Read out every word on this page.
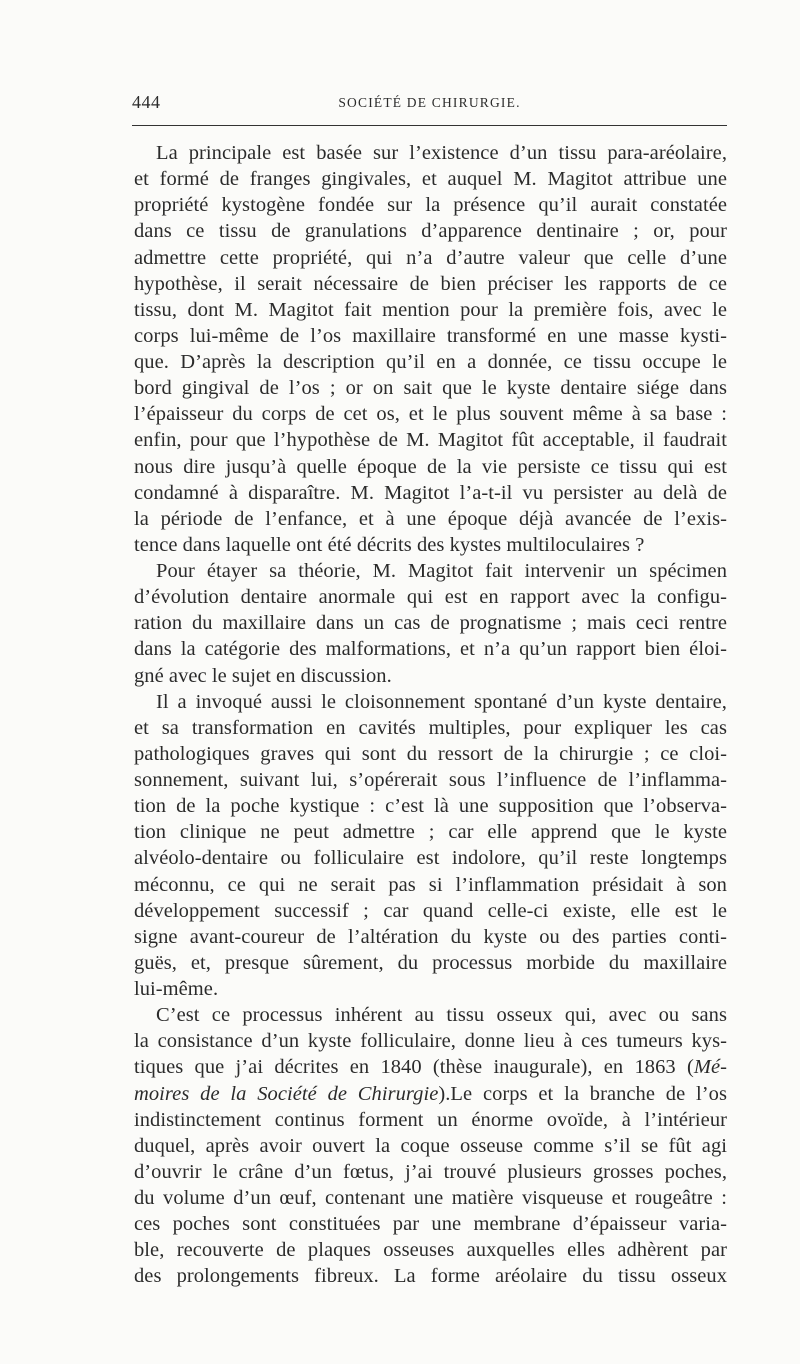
444	SOCIÉTÉ DE CHIRURGIE.
La principale est basée sur l’existence d’un tissu para-aréolaire,
et formé de franges gingivales, et auquel M. Magitot attribue une
propriété kystogène fondée sur la présence qu’il aurait constatée
dans ce tissu de granulations d’apparence dentinaire ; or, pour
admettre cette propriété, qui n’a d’autre valeur que celle d’une
hypothèse, il serait nécessaire de bien préciser les rapports de ce
tissu, dont M. Magitot fait mention pour la première fois, avec le
corps lui-même de l’os maxillaire transformé en une masse kysti-
que. D’après la description qu’il en a donnée, ce tissu occupe le
bord gingival de l’os ; or on sait que le kyste dentaire siége dans
l’épaisseur du corps de cet os, et le plus souvent même à sa base :
enfin, pour que l’hypothèse de M. Magitot fût acceptable, il faudrait
nous dire jusqu’à quelle époque de la vie persiste ce tissu qui est
condamné à disparaître. M. Magitot l’a-t-il vu persister au delà de
la période de l’enfance, et à une époque déjà avancée de l’exis-
tence dans laquelle ont été décrits des kystes multiloculaires ?
Pour étayer sa théorie, M. Magitot fait intervenir un spécimen
d’évolution dentaire anormale qui est en rapport avec la configu-
ration du maxillaire dans un cas de prognatisme ; mais ceci rentre
dans la catégorie des malformations, et n’a qu’un rapport bien éloi-
gné avec le sujet en discussion.
Il a invoqué aussi le cloisonnement spontané d’un kyste dentaire,
et sa transformation en cavités multiples, pour expliquer les cas
pathologiques graves qui sont du ressort de la chirurgie ; ce cloi-
sonnement, suivant lui, s’opérerait sous l’influence de l’inflamma-
tion de la poche kystique : c’est là une supposition que l’observa-
tion clinique ne peut admettre ; car elle apprend que le kyste
alvéolo-dentaire ou folliculaire est indolore, qu’il reste longtemps
méconnu, ce qui ne serait pas si l’inflammation présidait à son
développement successif ; car quand celle-ci existe, elle est le
signe avant-coureur de l’altération du kyste ou des parties conti-
guës, et, presque sûrement, du processus morbide du maxillaire
lui-même.
C’est ce processus inhérent au tissu osseux qui, avec ou sans
la consistance d’un kyste folliculaire, donne lieu à ces tumeurs kys-
tiques que j’ai décrites en 1840 (thèse inaugurale), en 1863 (Mé-
moires de la Société de Chirurgie).Le corps et la branche de l’os
indistinctement continus forment un énorme ovoïde, à l’intérieur
duquel, après avoir ouvert la coque osseuse comme s’il se fût agi
d’ouvrir le crâne d’un fœtus, j’ai trouvé plusieurs grosses poches,
du volume d’un œuf, contenant une matière visqueuse et rougeâtre :
ces poches sont constituées par une membrane d’épaisseur varia-
ble, recouverte de plaques osseuses auxquelles elles adhèrent par
des prolongements fibreux. La forme aréolaire du tissu osseux
